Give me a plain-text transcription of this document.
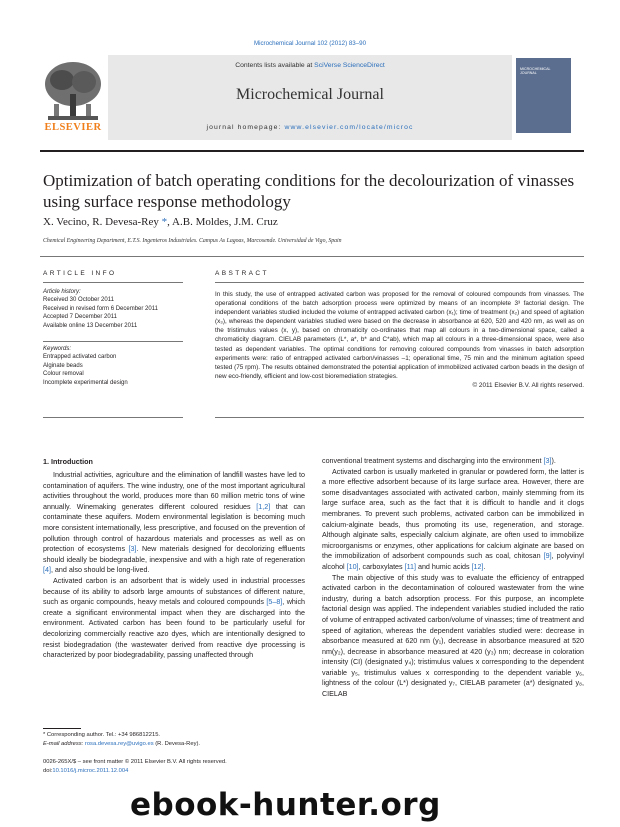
Microchemical Journal 102 (2012) 83–90
Contents lists available at SciVerse ScienceDirect
Microchemical Journal
journal homepage: www.elsevier.com/locate/microc
ELSEVIER
MICROCHEMICAL JOURNAL
Optimization of batch operating conditions for the decolourization of vinasses using surface response methodology
X. Vecino, R. Devesa-Rey *, A.B. Moldes, J.M. Cruz
Chemical Engineering Department, E.T.S. Ingenieros Industriales. Campus As Lagoas, Marcosende. Universidad de Vigo, Spain
ARTICLE INFO	ABSTRACT
Article history:
Received 30 October 2011
Received in revised form 6 December 2011
Accepted 7 December 2011
Available online 13 December 2011
Keywords:
Entrapped activated carbon
Alginate beads
Colour removal
Incomplete experimental design
In this study, the use of entrapped activated carbon was proposed for the removal of coloured compounds from vinasses. The operational conditions of the batch adsorption process were optimized by means of an incomplete 3³ factorial design. The independent variables studied included the volume of entrapped activated carbon (x₁); time of treatment (x₂) and speed of agitation (x₃), whereas the dependent variables studied were based on the decrease in absorbance at 620, 520 and 420 nm, as well as on the tristimulus values (x, y), based on chromaticity co-ordinates that map all colours in a two-dimensional space, called a chromaticity diagram. CIELAB parameters (L*, a*, b* and C*ab), which map all colours in a three-dimensional space, were also tested as dependent variables. The optimal conditions for removing coloured compounds from vinasses in batch adsorption experiments were: ratio of entrapped activated carbon/vinasses –1; operational time, 75 min and the minimum agitation speed tested (75 rpm). The results obtained demonstrated the potential application of immobilized activated carbon beads in the design of new eco-friendly, efficient and low-cost bioremediation strategies.
© 2011 Elsevier B.V. All rights reserved.
1. Introduction

Industrial activities, agriculture and the elimination of landfill wastes have led to contamination of aquifers. The wine industry, one of the most important agricultural activities throughout the world, produces more than 60 million metric tons of wine annually. Winemaking generates different coloured residues [1,2] that can contaminate these aquifers. Modern environmental legislation is becoming much more consistent internationally, less prescriptive, and focused on the prevention of pollution through control of hazardous materials and processes as well as on protection of ecosystems [3]. New materials designed for decolorizing effluents should ideally be biodegradable, inexpensive and with a high rate of regeneration [4], and also should be long-lived.

Activated carbon is an adsorbent that is widely used in industrial processes because of its ability to adsorb large amounts of substances of different nature, such as organic compounds, heavy metals and coloured compounds [5–8], which create a significant environmental impact when they are discharged into the environment. Activated carbon has been found to be particularly useful for decolorizing commercially reactive azo dyes, which are intentionally designed to resist biodegradation (the wastewater derived from reactive dye processing is characterized by poor biodegradability, passing unaffected through

conventional treatment systems and discharging into the environment [3]).

Activated carbon is usually marketed in granular or powdered form, the latter is a more effective adsorbent because of its large surface area. However, there are some disadvantages associated with activated carbon, mainly stemming from its large surface area, such as the fact that it is difficult to handle and it clogs membranes. To prevent such problems, activated carbon can be immobilized in calcium-alginate beads, thus promoting its use, regeneration, and storage. Although alginate salts, especially calcium alginate, are often used to immobilize microorganisms or enzymes, other applications for calcium alginate are based on the immobilization of adsorbent compounds such as coal, chitosan [9], polyvinyl alcohol [10], carboxylates [11] and humic acids [12].

The main objective of this study was to evaluate the efficiency of entrapped activated carbon in the decontamination of coloured wastewater from the wine industry, during a batch adsorption process. For this purpose, an incomplete factorial design was applied. The independent variables studied included the ratio of volume of entrapped activated carbon/volume of vinasses; time of treatment and speed of agitation, whereas the dependent variables studied were: decrease in absorbance measured at 620 nm (y₁), decrease in absorbance measured at 520 nm(y₂), decrease in absorbance measured at 420 (y₃) nm; decrease in coloration intensity (CI) (designated y₄); tristimulus values x corresponding to the dependent variable y₅, tristimulus values x corresponding to the dependent variable y₆, lightness of the colour (L*) designated y₇, CIELAB parameter (a*) designated y₈, CIELAB

* Corresponding author. Tel.: +34 986812215.
E-mail address: rosa.devesa.rey@uvigo.es (R. Devesa-Rey).
0026-265X/$ – see front matter © 2011 Elsevier B.V. All rights reserved.
doi:10.1016/j.microc.2011.12.004
ebook-hunter.org
